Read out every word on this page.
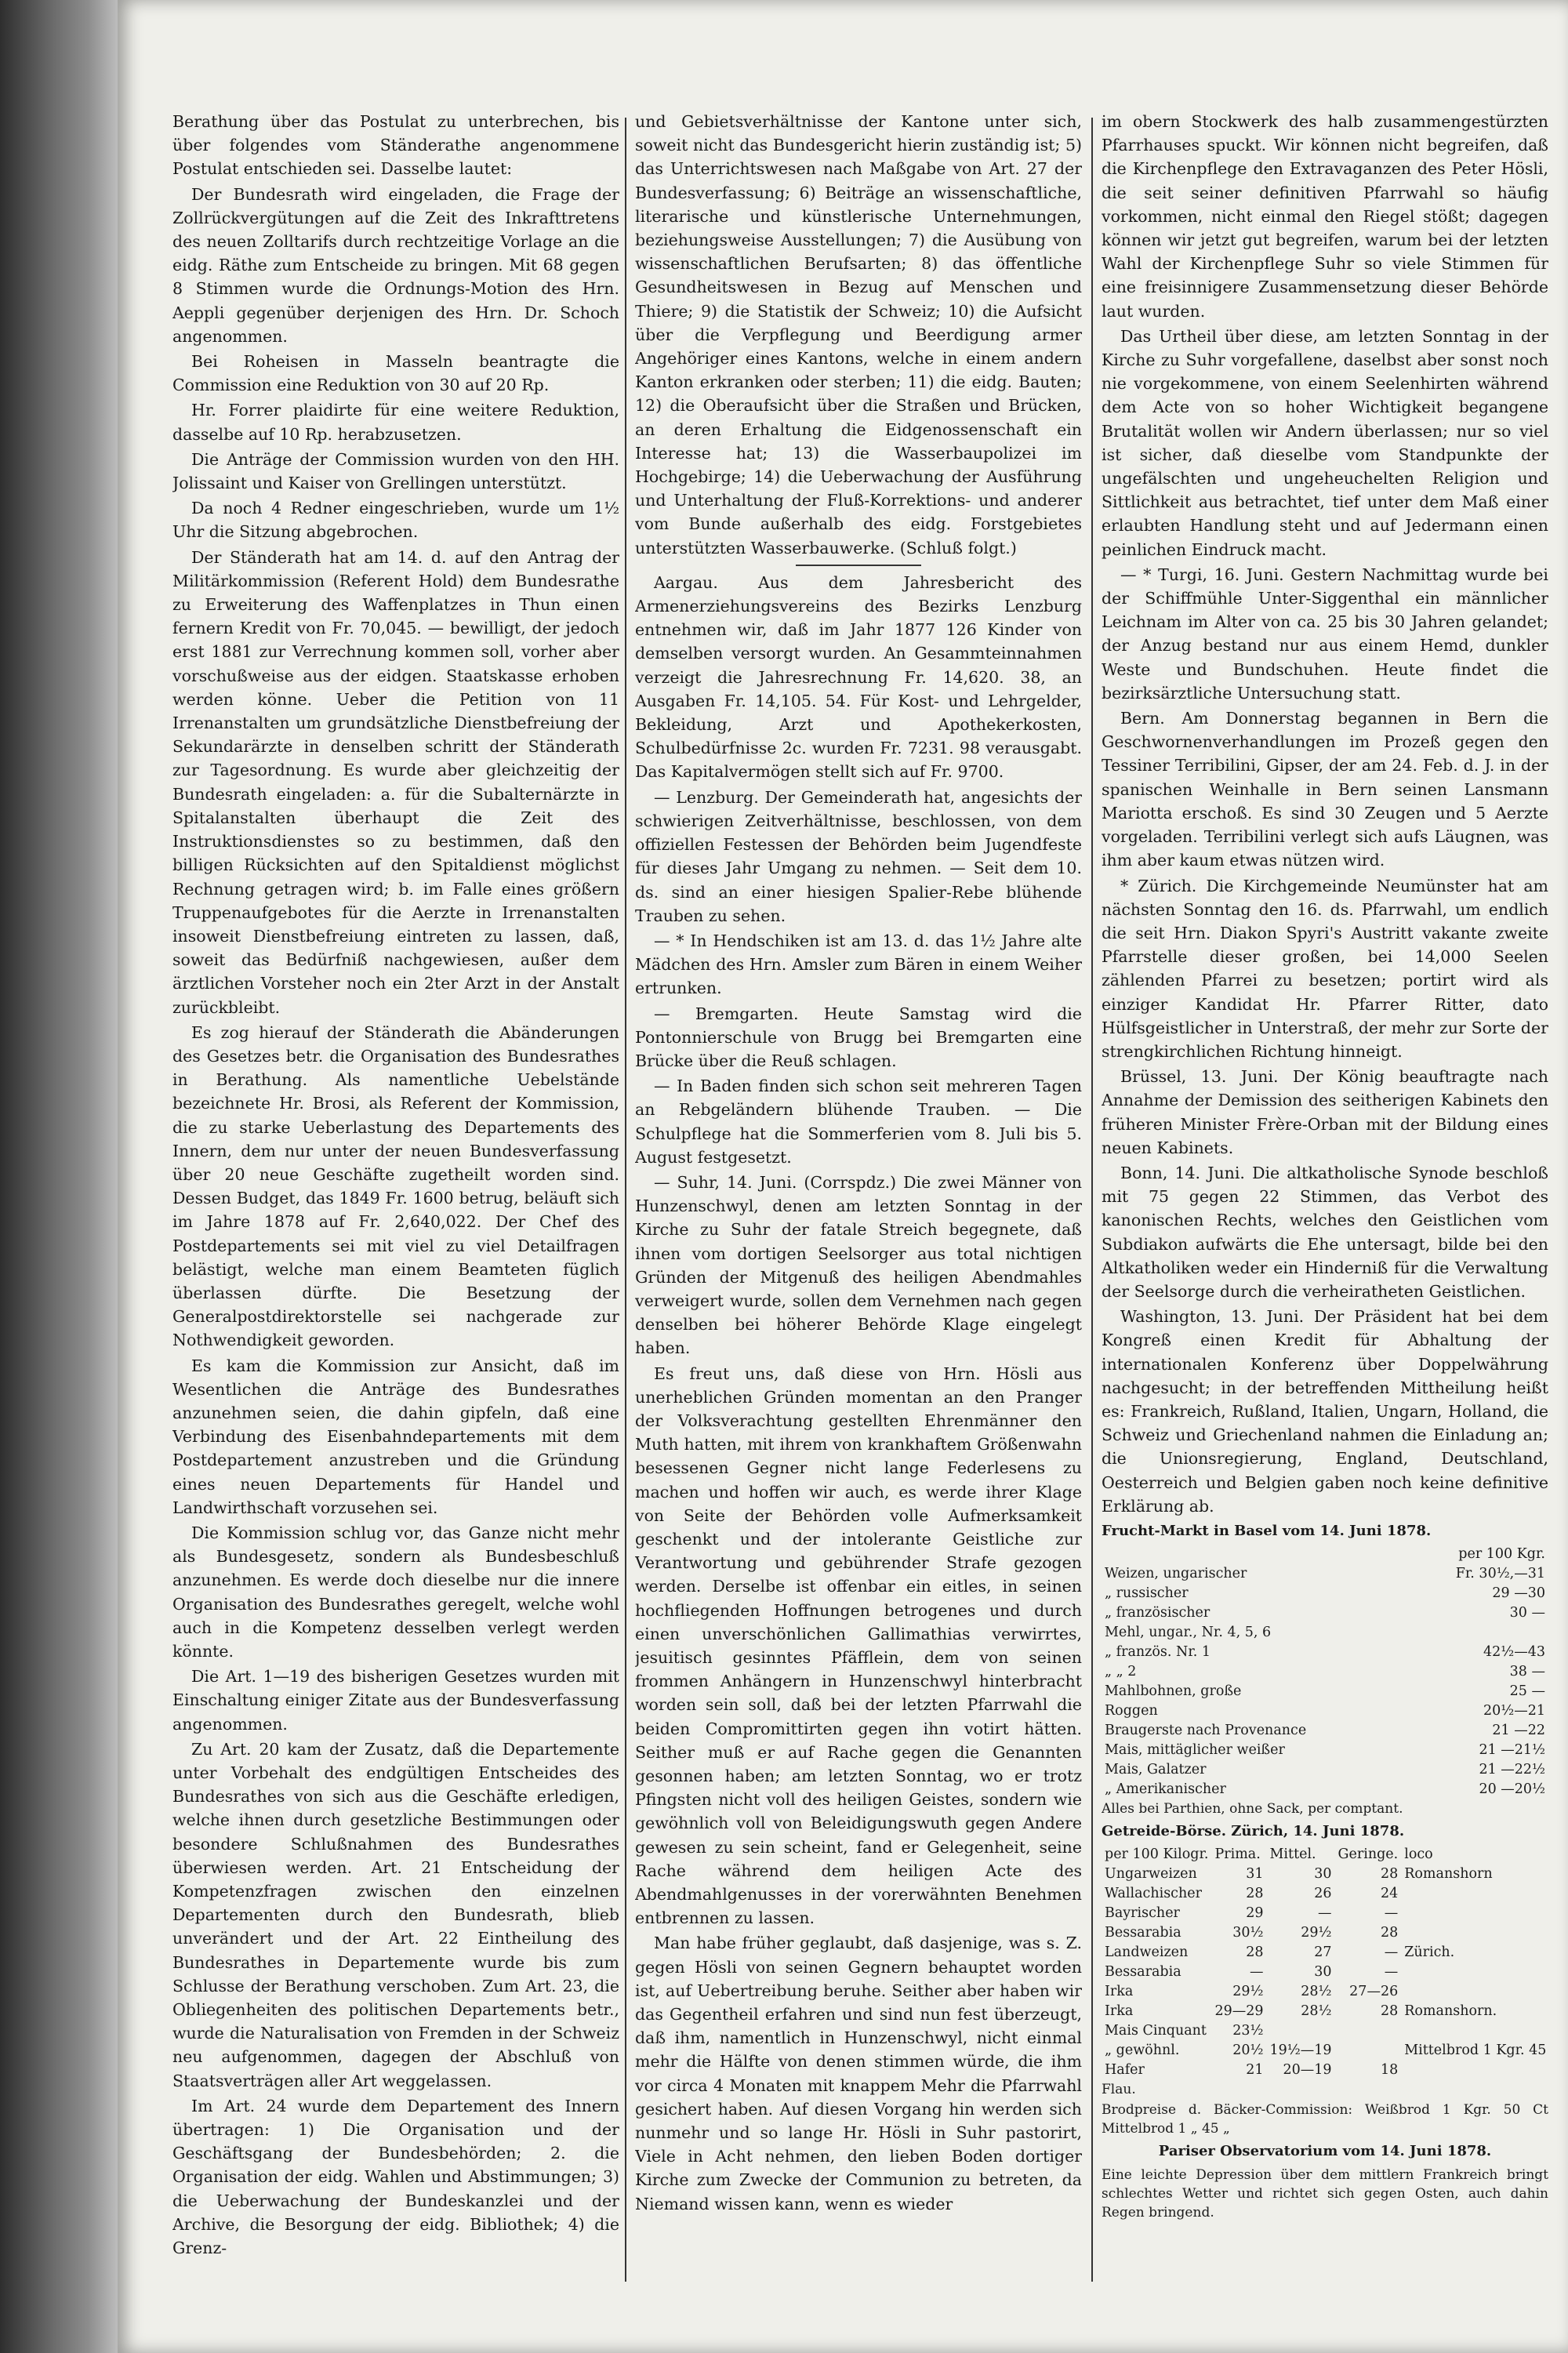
Berathung über das Postulat zu unterbrechen, bis über folgendes vom Ständerathe angenommene Postulat entschieden sei. Dasselbe lautet:

Der Bundesrath wird eingeladen, die Frage der Zollrückvergütungen auf die Zeit des Inkrafttretens des neuen Zolltarifs durch rechtzeitige Vorlage an die eidg. Räthe zum Entscheide zu bringen. Mit 68 gegen 8 Stimmen wurde die Ordnungs-Motion des Hrn. Aeppli gegenüber derjenigen des Hrn. Dr. Schoch angenommen.

Bei Roheisen in Masseln beantragte die Commission eine Reduktion von 30 auf 20 Rp.

Hr. Forrer plaidirte für eine weitere Reduktion, dasselbe auf 10 Rp. herabzusetzen.

Die Anträge der Commission wurden von den HH. Jolissaint und Kaiser von Grellingen unterstützt.

Da noch 4 Redner eingeschrieben, wurde um 1½ Uhr die Sitzung abgebrochen.

Der Ständerath hat am 14. d. auf den Antrag der Militärkommission (Referent Hold) dem Bundesrathe zu Erweiterung des Waffenplatzes in Thun einen fernern Kredit von Fr. 70,045. — bewilligt, der jedoch erst 1881 zur Verrechnung kommen soll, vorher aber vorschußweise aus der eidgen. Staatskasse erhoben werden könne. Ueber die Petition von 11 Irrenanstalten um grundsätzliche Dienstbefreiung der Sekundarärzte in denselben schritt der Ständerath zur Tagesordnung. Es wurde aber gleichzeitig der Bundesrath eingeladen: a. für die Subalternärzte in Spitalanstalten überhaupt die Zeit des Instruktionsdienstes so zu bestimmen, daß den billigen Rücksichten auf den Spitaldienst möglichst Rechnung getragen wird; b. im Falle eines größern Truppenaufgebotes für die Aerzte in Irrenanstalten insoweit Dienstbefreiung eintreten zu lassen, daß, soweit das Bedürfniß nachgewiesen, außer dem ärztlichen Vorsteher noch ein 2ter Arzt in der Anstalt zurückbleibt.

Es zog hierauf der Ständerath die Abänderungen des Gesetzes betr. die Organisation des Bundesrathes in Berathung. Als namentliche Uebelstände bezeichnete Hr. Brosi, als Referent der Kommission, die zu starke Ueberlastung des Departements des Innern, dem nur unter der neuen Bundesverfassung über 20 neue Geschäfte zugetheilt worden sind. Dessen Budget, das 1849 Fr. 1600 betrug, beläuft sich im Jahre 1878 auf Fr. 2,640,022. Der Chef des Postdepartements sei mit viel zu viel Detailfragen belästigt, welche man einem Beamteten füglich überlassen dürfte. Die Besetzung der Generalpostdirektorstelle sei nachgerade zur Nothwendigkeit geworden.

Es kam die Kommission zur Ansicht, daß im Wesentlichen die Anträge des Bundesrathes anzunehmen seien, die dahin gipfeln, daß eine Verbindung des Eisenbahndepartements mit dem Postdepartement anzustreben und die Gründung eines neuen Departements für Handel und Landwirthschaft vorzusehen sei.

Die Kommission schlug vor, das Ganze nicht mehr als Bundesgesetz, sondern als Bundesbeschluß anzunehmen. Es werde doch dieselbe nur die innere Organisation des Bundesrathes geregelt, welche wohl auch in die Kompetenz desselben verlegt werden könnte.

Die Art. 1—19 des bisherigen Gesetzes wurden mit Einschaltung einiger Zitate aus der Bundesverfassung angenommen.

Zu Art. 20 kam der Zusatz, daß die Departemente unter Vorbehalt des endgültigen Entscheides des Bundesrathes von sich aus die Geschäfte erledigen, welche ihnen durch gesetzliche Bestimmungen oder besondere Schlußnahmen des Bundesrathes überwiesen werden. Art. 21 Entscheidung der Kompetenzfragen zwischen den einzelnen Departementen durch den Bundesrath, blieb unverändert und der Art. 22 Eintheilung des Bundesrathes in Departemente wurde bis zum Schlusse der Berathung verschoben. Zum Art. 23, die Obliegenheiten des politischen Departements betr., wurde die Naturalisation von Fremden in der Schweiz neu aufgenommen, dagegen der Abschluß von Staatsverträgen aller Art weggelassen.

Im Art. 24 wurde dem Departement des Innern übertragen: 1) Die Organisation und der Geschäftsgang der Bundesbehörden; 2. die Organisation der eidg. Wahlen und Abstimmungen; 3) die Ueberwachung der Bundeskanzlei und der Archive, die Besorgung der eidg. Bibliothek; 4) die Grenz-

und Gebietsverhältnisse der Kantone unter sich, soweit nicht das Bundesgericht hierin zuständig ist; 5) das Unterrichtswesen nach Maßgabe von Art. 27 der Bundesverfassung; 6) Beiträge an wissenschaftliche, literarische und künstlerische Unternehmungen, beziehungsweise Ausstellungen; 7) die Ausübung von wissenschaftlichen Berufsarten; 8) das öffentliche Gesundheitswesen in Bezug auf Menschen und Thiere; 9) die Statistik der Schweiz; 10) die Aufsicht über die Verpflegung und Beerdigung armer Angehöriger eines Kantons, welche in einem andern Kanton erkranken oder sterben; 11) die eidg. Bauten; 12) die Oberaufsicht über die Straßen und Brücken, an deren Erhaltung die Eidgenossenschaft ein Interesse hat; 13) die Wasserbaupolizei im Hochgebirge; 14) die Ueberwachung der Ausführung und Unterhaltung der Fluß-Korrektions- und anderer vom Bunde außerhalb des eidg. Forstgebietes unterstützten Wasserbauwerke. (Schluß folgt.)

Aargau. Aus dem Jahresbericht des Armenerziehungsvereins des Bezirks Lenzburg entnehmen wir, daß im Jahr 1877 126 Kinder von demselben versorgt wurden. An Gesammteinnahmen verzeigt die Jahresrechnung Fr. 14,620. 38, an Ausgaben Fr. 14,105. 54. Für Kost- und Lehrgelder, Bekleidung, Arzt und Apothekerkosten, Schulbedürfnisse 2c. wurden Fr. 7231. 98 verausgabt. Das Kapitalvermögen stellt sich auf Fr. 9700.

— Lenzburg. Der Gemeinderath hat, angesichts der schwierigen Zeitverhältnisse, beschlossen, von dem offiziellen Festessen der Behörden beim Jugendfeste für dieses Jahr Umgang zu nehmen. — Seit dem 10. ds. sind an einer hiesigen Spalier-Rebe blühende Trauben zu sehen.

— * In Hendschiken ist am 13. d. das 1½ Jahre alte Mädchen des Hrn. Amsler zum Bären in einem Weiher ertrunken.

— Bremgarten. Heute Samstag wird die Pontonnierschule von Brugg bei Bremgarten eine Brücke über die Reuß schlagen.

— In Baden finden sich schon seit mehreren Tagen an Rebgeländern blühende Trauben. — Die Schulpflege hat die Sommerferien vom 8. Juli bis 5. August festgesetzt.

— Suhr, 14. Juni. (Corrspdz.) Die zwei Männer von Hunzenschwyl, denen am letzten Sonntag in der Kirche zu Suhr der fatale Streich begegnete, daß ihnen vom dortigen Seelsorger aus total nichtigen Gründen der Mitgenuß des heiligen Abendmahles verweigert wurde, sollen dem Vernehmen nach gegen denselben bei höherer Behörde Klage eingelegt haben.

Es freut uns, daß diese von Hrn. Hösli aus unerheblichen Gründen momentan an den Pranger der Volksverachtung gestellten Ehrenmänner den Muth hatten, mit ihrem von krankhaftem Größenwahn besessenen Gegner nicht lange Federlesens zu machen und hoffen wir auch, es werde ihrer Klage von Seite der Behörden volle Aufmerksamkeit geschenkt und der intolerante Geistliche zur Verantwortung und gebührender Strafe gezogen werden. Derselbe ist offenbar ein eitles, in seinen hochfliegenden Hoffnungen betrogenes und durch einen unverschönlichen Gallimathias verwirrtes, jesuitisch gesinntes Pfäfflein, dem von seinen frommen Anhängern in Hunzenschwyl hinterbracht worden sein soll, daß bei der letzten Pfarrwahl die beiden Compromittirten gegen ihn votirt hätten. Seither muß er auf Rache gegen die Genannten gesonnen haben; am letzten Sonntag, wo er trotz Pfingsten nicht voll des heiligen Geistes, sondern wie gewöhnlich voll von Beleidigungswuth gegen Andere gewesen zu sein scheint, fand er Gelegenheit, seine Rache während dem heiligen Acte des Abendmahlgenusses in der vorerwähnten Benehmen entbrennen zu lassen.

Man habe früher geglaubt, daß dasjenige, was s. Z. gegen Hösli von seinen Gegnern behauptet worden ist, auf Uebertreibung beruhe. Seither aber haben wir das Gegentheil erfahren und sind nun fest überzeugt, daß ihm, namentlich in Hunzenschwyl, nicht einmal mehr die Hälfte von denen stimmen würde, die ihm vor circa 4 Monaten mit knappem Mehr die Pfarrwahl gesichert haben. Auf diesen Vorgang hin werden sich nunmehr und so lange Hr. Hösli in Suhr pastorirt, Viele in Acht nehmen, den lieben Boden dortiger Kirche zum Zwecke der Communion zu betreten, da Niemand wissen kann, wenn es wieder

im obern Stockwerk des halb zusammengestürzten Pfarrhauses spuckt. Wir können nicht begreifen, daß die Kirchenpflege den Extravaganzen des Peter Hösli, die seit seiner definitiven Pfarrwahl so häufig vorkommen, nicht einmal den Riegel stößt; dagegen können wir jetzt gut begreifen, warum bei der letzten Wahl der Kirchenpflege Suhr so viele Stimmen für eine freisinnigere Zusammensetzung dieser Behörde laut wurden.

Das Urtheil über diese, am letzten Sonntag in der Kirche zu Suhr vorgefallene, daselbst aber sonst noch nie vorgekommene, von einem Seelenhirten während dem Acte von so hoher Wichtigkeit begangene Brutalität wollen wir Andern überlassen; nur so viel ist sicher, daß dieselbe vom Standpunkte der ungefälschten und ungeheuchelten Religion und Sittlichkeit aus betrachtet, tief unter dem Maß einer erlaubten Handlung steht und auf Jedermann einen peinlichen Eindruck macht.

— * Turgi, 16. Juni. Gestern Nachmittag wurde bei der Schiffmühle Unter-Siggenthal ein männlicher Leichnam im Alter von ca. 25 bis 30 Jahren gelandet; der Anzug bestand nur aus einem Hemd, dunkler Weste und Bundschuhen. Heute findet die bezirksärztliche Untersuchung statt.

Bern. Am Donnerstag begannen in Bern die Geschwornenverhandlungen im Prozeß gegen den Tessiner Terribilini, Gipser, der am 24. Feb. d. J. in der spanischen Weinhalle in Bern seinen Lansmann Mariotta erschoß. Es sind 30 Zeugen und 5 Aerzte vorgeladen. Terribilini verlegt sich aufs Läugnen, was ihm aber kaum etwas nützen wird.

* Zürich. Die Kirchgemeinde Neumünster hat am nächsten Sonntag den 16. ds. Pfarrwahl, um endlich die seit Hrn. Diakon Spyri's Austritt vakante zweite Pfarrstelle dieser großen, bei 14,000 Seelen zählenden Pfarrei zu besetzen; portirt wird als einziger Kandidat Hr. Pfarrer Ritter, dato Hülfsgeistlicher in Unterstraß, der mehr zur Sorte der strengkirchlichen Richtung hinneigt.

Brüssel, 13. Juni. Der König beauftragte nach Annahme der Demission des seitherigen Kabinets den früheren Minister Frère-Orban mit der Bildung eines neuen Kabinets.

Bonn, 14. Juni. Die altkatholische Synode beschloß mit 75 gegen 22 Stimmen, das Verbot des kanonischen Rechts, welches den Geistlichen vom Subdiakon aufwärts die Ehe untersagt, bilde bei den Altkatholiken weder ein Hinderniß für die Verwaltung der Seelsorge durch die verheiratheten Geistlichen.

Washington, 13. Juni. Der Präsident hat bei dem Kongreß einen Kredit für Abhaltung der internationalen Konferenz über Doppelwährung nachgesucht; in der betreffenden Mittheilung heißt es: Frankreich, Rußland, Italien, Ungarn, Holland, die Schweiz und Griechenland nahmen die Einladung an; die Unionsregierung, England, Deutschland, Oesterreich und Belgien gaben noch keine definitive Erklärung ab.

Frucht-Markt in Basel vom 14. Juni 1878.

	per 100 Kgr.
Weizen, ungarischer	Fr. 30½,—31
„ russischer	29 —30
„ französischer	30 —
Mehl, ungar., Nr. 4, 5, 6	
„ französ. Nr. 1	42½—43
„ „ 2	38 —
Mahlbohnen, große	25 —
Roggen	20½—21
Braugerste nach Provenance	21 —22
Mais, mittäglicher weißer	21 —21½
Mais, Galatzer	21 —22½
„ Amerikanischer	20 —20½

Alles bei Parthien, ohne Sack, per comptant.

Getreide-Börse. Zürich, 14. Juni 1878.

per 100 Kilogr.	Prima.	Mittel.	Geringe.	loco
Ungarweizen	31	30	28	Romanshorn
Wallachischer	28	26	24	
Bayrischer	29	—	—	
Bessarabia	30½	29½	28	
Landweizen	28	27	—	Zürich.
Bessarabia	—	30	—	
Irka	29½	28½	27—26	
Irka	29—29	28½	28	Romanshorn.
Mais Cinquant	23½			
„ gewöhnl.	20½	19½—19		Mittelbrod 1 Kgr. 45
Hafer	21	20—19	18	

Flau.

Brodpreise d. Bäcker-Commission: Weißbrod 1 Kgr. 50 Ct Mittelbrod 1 „ 45 „

Pariser Observatorium vom 14. Juni 1878.

Eine leichte Depression über dem mittlern Frankreich bringt schlechtes Wetter und richtet sich gegen Osten, auch dahin Regen bringend.
